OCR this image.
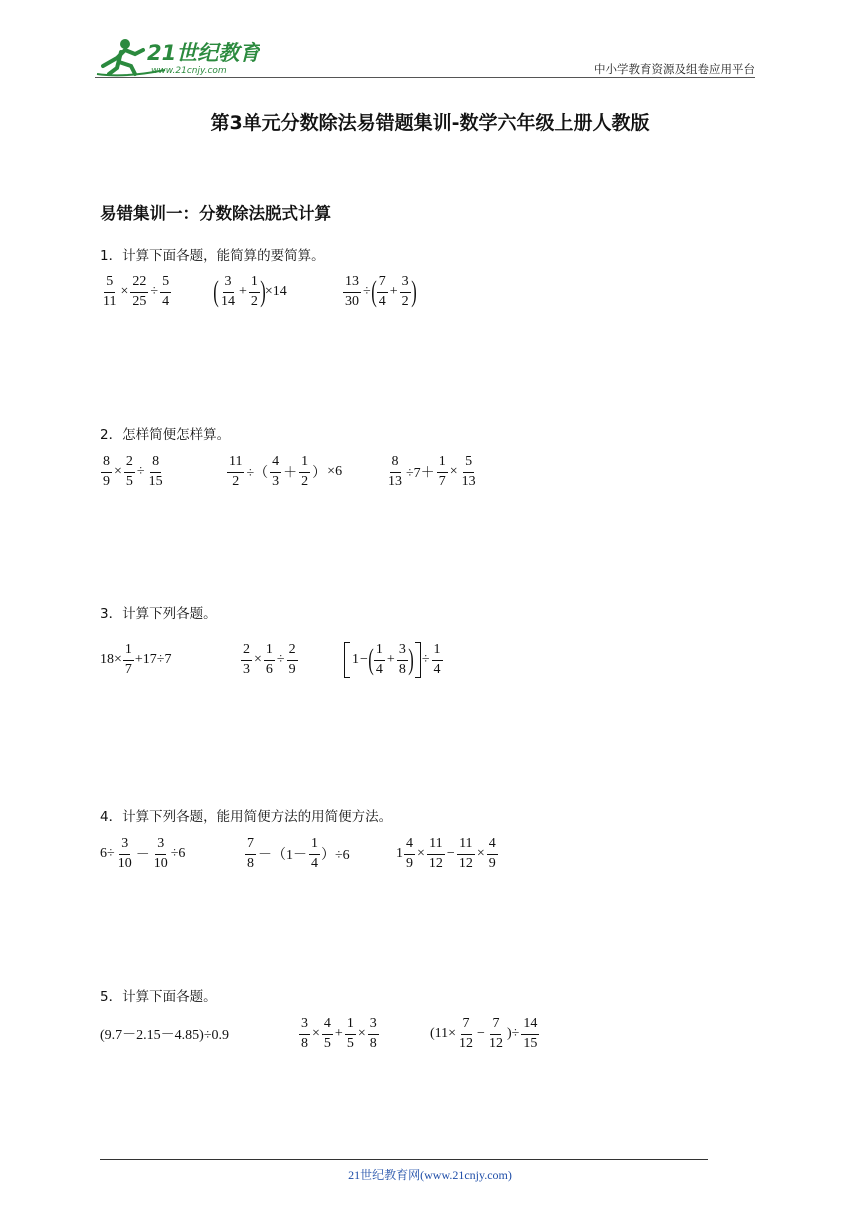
21世纪教育
www.21cnjy.com	中小学教育资源及组卷应用平台
第3单元分数除法易错题集训-数学六年级上册人教版
易错集训一：分数除法脱式计算
1．计算下面各题，能简算的要简算。
$\frac{5}{11} \times \frac{22}{25} \div \frac{5}{4}$ ( 3
14
+ $\frac{1}{2}$ ) ×14	$\frac{13}{30}$ ÷ ( 7
4
+ $\frac{3}{2}$ )
2．怎样简便怎样算。
$\frac{8}{9} \times \frac{2}{5} \div \frac{8}{15}$	$\frac{11}{2}$ ÷（
4
3 ＋
1
2 ） ×6	$\frac{8}{13} \div 7+ \frac{1}{7} \times \frac{5}{13}$
3．计算下列各题。
$18\times \frac{1}{7} +17\div 7$	$\frac{2}{3} \times \frac{1}{6} \div \frac{2}{9}$	1 − ( 1
4
+ $\frac{3}{8}$ ) ÷ $\frac{1}{4}$
4．计算下列各题，能用简便方法的用简便方法。
$6\div \frac{3}{10} - \frac{3}{10} \div 6$
7
8 －（1－
1
4 ）÷6	1
4
9
× $\frac{11}{12} - \frac{11}{12} \times \frac{4}{9}$
5．计算下面各题。
(9.7－2.15－4.85)÷0.9	$\frac{3}{8} \times \frac{4}{5} + \frac{1}{5} \times \frac{3}{8}$	($11\times \frac{7}{12} - \frac{7}{12}$ )÷ $\frac{14}{15}$
21世纪教育网(www.21cnjy.com)
